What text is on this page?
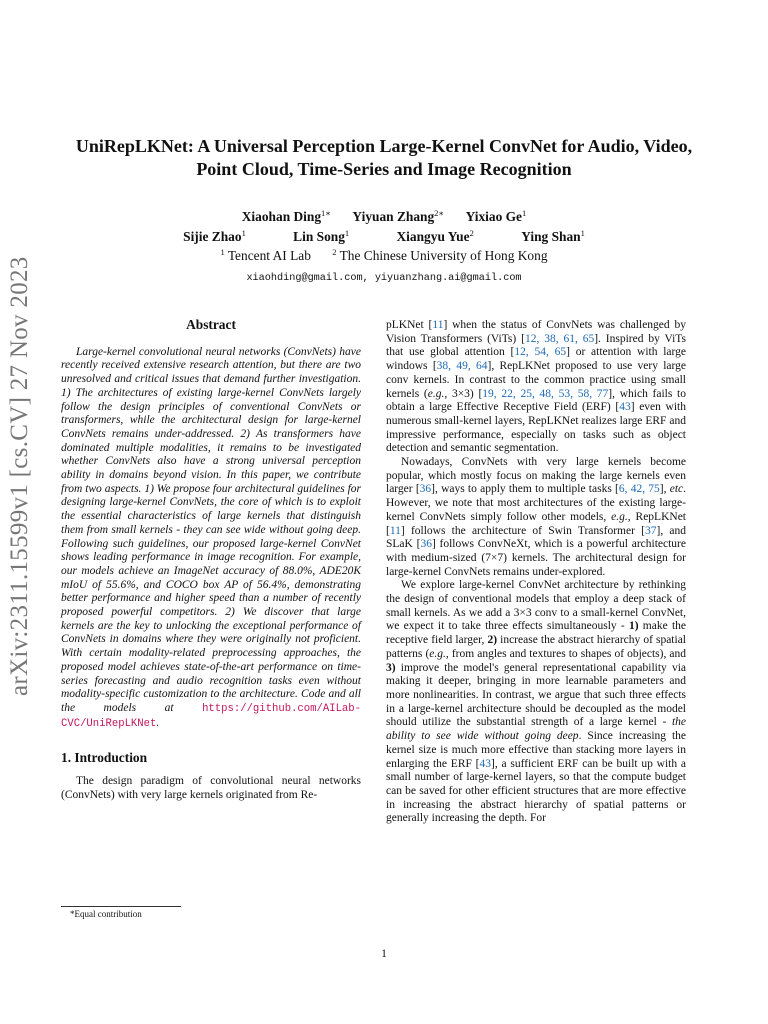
arXiv:2311.15599v1 [cs.CV] 27 Nov 2023
UniRepLKNet: A Universal Perception Large-Kernel ConvNet for Audio, Video,
Point Cloud, Time-Series and Image Recognition
Xiaohan Ding$^{1∗}$ Yiyuan Zhang$^{2∗}$ Yixiao Ge$^1$
Sijie Zhao$^1$	Lin Song$^1$	Xiangyu Yue$^2$	Ying Shan$^1$
$^1$ Tencent AI Lab	$^2$ The Chinese University of Hong Kong
xiaohding@gmail.com, yiyuanzhang.ai@gmail.com
Abstract

Large-kernel convolutional neural networks (ConvNets) have recently received extensive research attention, but there are two unresolved and critical issues that demand further investigation. 1) The architectures of existing large-kernel ConvNets largely follow the design principles of conventional ConvNets or transformers, while the architectural design for large-kernel ConvNets remains under-addressed. 2) As transformers have dominated multiple modalities, it remains to be investigated whether ConvNets also have a strong universal perception ability in domains beyond vision. In this paper, we contribute from two aspects. 1) We propose four architectural guidelines for designing large-kernel ConvNets, the core of which is to exploit the essential characteristics of large kernels that distinguish them from small kernels - they can see wide without going deep. Following such guidelines, our proposed large-kernel ConvNet shows leading performance in image recognition. For example, our models achieve an ImageNet accuracy of 88.0%, ADE20K mIoU of 55.6%, and COCO box AP of 56.4%, demonstrating better performance and higher speed than a number of recently proposed powerful competitors. 2) We discover that large kernels are the key to unlocking the exceptional performance of ConvNets in domains where they were originally not proficient. With certain modality-related preprocessing approaches, the proposed model achieves state-of-the-art performance on time-series forecasting and audio recognition tasks even without modality-specific customization to the architecture. Code and all the models at https://github.com/AILab-CVC/UniRepLKNet.

1. Introduction

The design paradigm of convolutional neural networks (ConvNets) with very large kernels originated from Re-

pLKNet [11] when the status of ConvNets was challenged by Vision Transformers (ViTs) [12, 38, 61, 65]. Inspired by ViTs that use global attention [12, 54, 65] or attention with large windows [38, 49, 64], RepLKNet proposed to use very large conv kernels. In contrast to the common practice using small kernels (e.g., 3×3) [19, 22, 25, 48, 53, 58, 77], which fails to obtain a large Effective Receptive Field (ERF) [43] even with numerous small-kernel layers, RepLKNet realizes large ERF and impressive performance, especially on tasks such as object detection and semantic segmentation.

Nowadays, ConvNets with very large kernels become popular, which mostly focus on making the large kernels even larger [36], ways to apply them to multiple tasks [6, 42, 75], etc. However, we note that most architectures of the existing large-kernel ConvNets simply follow other models, e.g., RepLKNet [11] follows the architecture of Swin Transformer [37], and SLaK [36] follows ConvNeXt, which is a powerful architecture with medium-sized (7×7) kernels. The architectural design for large-kernel ConvNets remains under-explored.

We explore large-kernel ConvNet architecture by rethinking the design of conventional models that employ a deep stack of small kernels. As we add a 3×3 conv to a small-kernel ConvNet, we expect it to take three effects simultaneously - 1) make the receptive field larger, 2) increase the abstract hierarchy of spatial patterns (e.g., from angles and textures to shapes of objects), and 3) improve the model's general representational capability via making it deeper, bringing in more learnable parameters and more nonlinearities. In contrast, we argue that such three effects in a large-kernel architecture should be decoupled as the model should utilize the substantial strength of a large kernel - the ability to see wide without going deep. Since increasing the kernel size is much more effective than stacking more layers in enlarging the ERF [43], a sufficient ERF can be built up with a small number of large-kernel layers, so that the compute budget can be saved for other efficient structures that are more effective in increasing the abstract hierarchy of spatial patterns or generally increasing the depth. For

*Equal contribution
1
